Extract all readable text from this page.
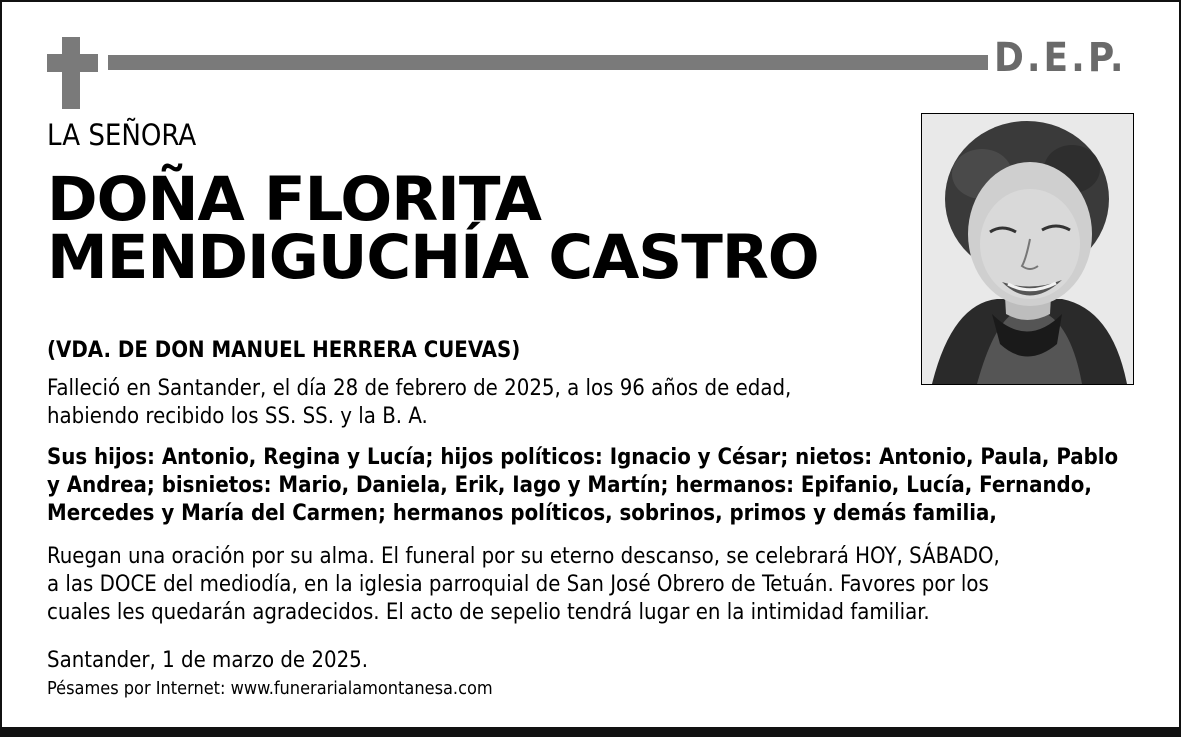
D.E.P.

LA SEÑORA

DOÑA FLORITA

MENDIGUCHÍA CASTRO

(VDA. DE DON MANUEL HERRERA CUEVAS)

Falleció en Santander, el día 28 de febrero de 2025, a los 96 años de edad,
habiendo recibido los SS. SS. y la B. A.
Sus hijos: Antonio, Regina y Lucía; hijos políticos: Ignacio y César; nietos: Antonio, Paula, Pablo
y Andrea; bisnietos: Mario, Daniela, Erik, Iago y Martín; hermanos: Epifanio, Lucía, Fernando,
Mercedes y María del Carmen; hermanos políticos, sobrinos, primos y demás familia,
Ruegan una oración por su alma. El funeral por su eterno descanso, se celebrará HOY, SÁBADO,
a las DOCE del mediodía, en la iglesia parroquial de San José Obrero de Tetuán. Favores por los
cuales les quedarán agradecidos. El acto de sepelio tendrá lugar en la intimidad familiar.

Santander, 1 de marzo de 2025.

Pésames por Internet: www.funerarialamontanesa.com
